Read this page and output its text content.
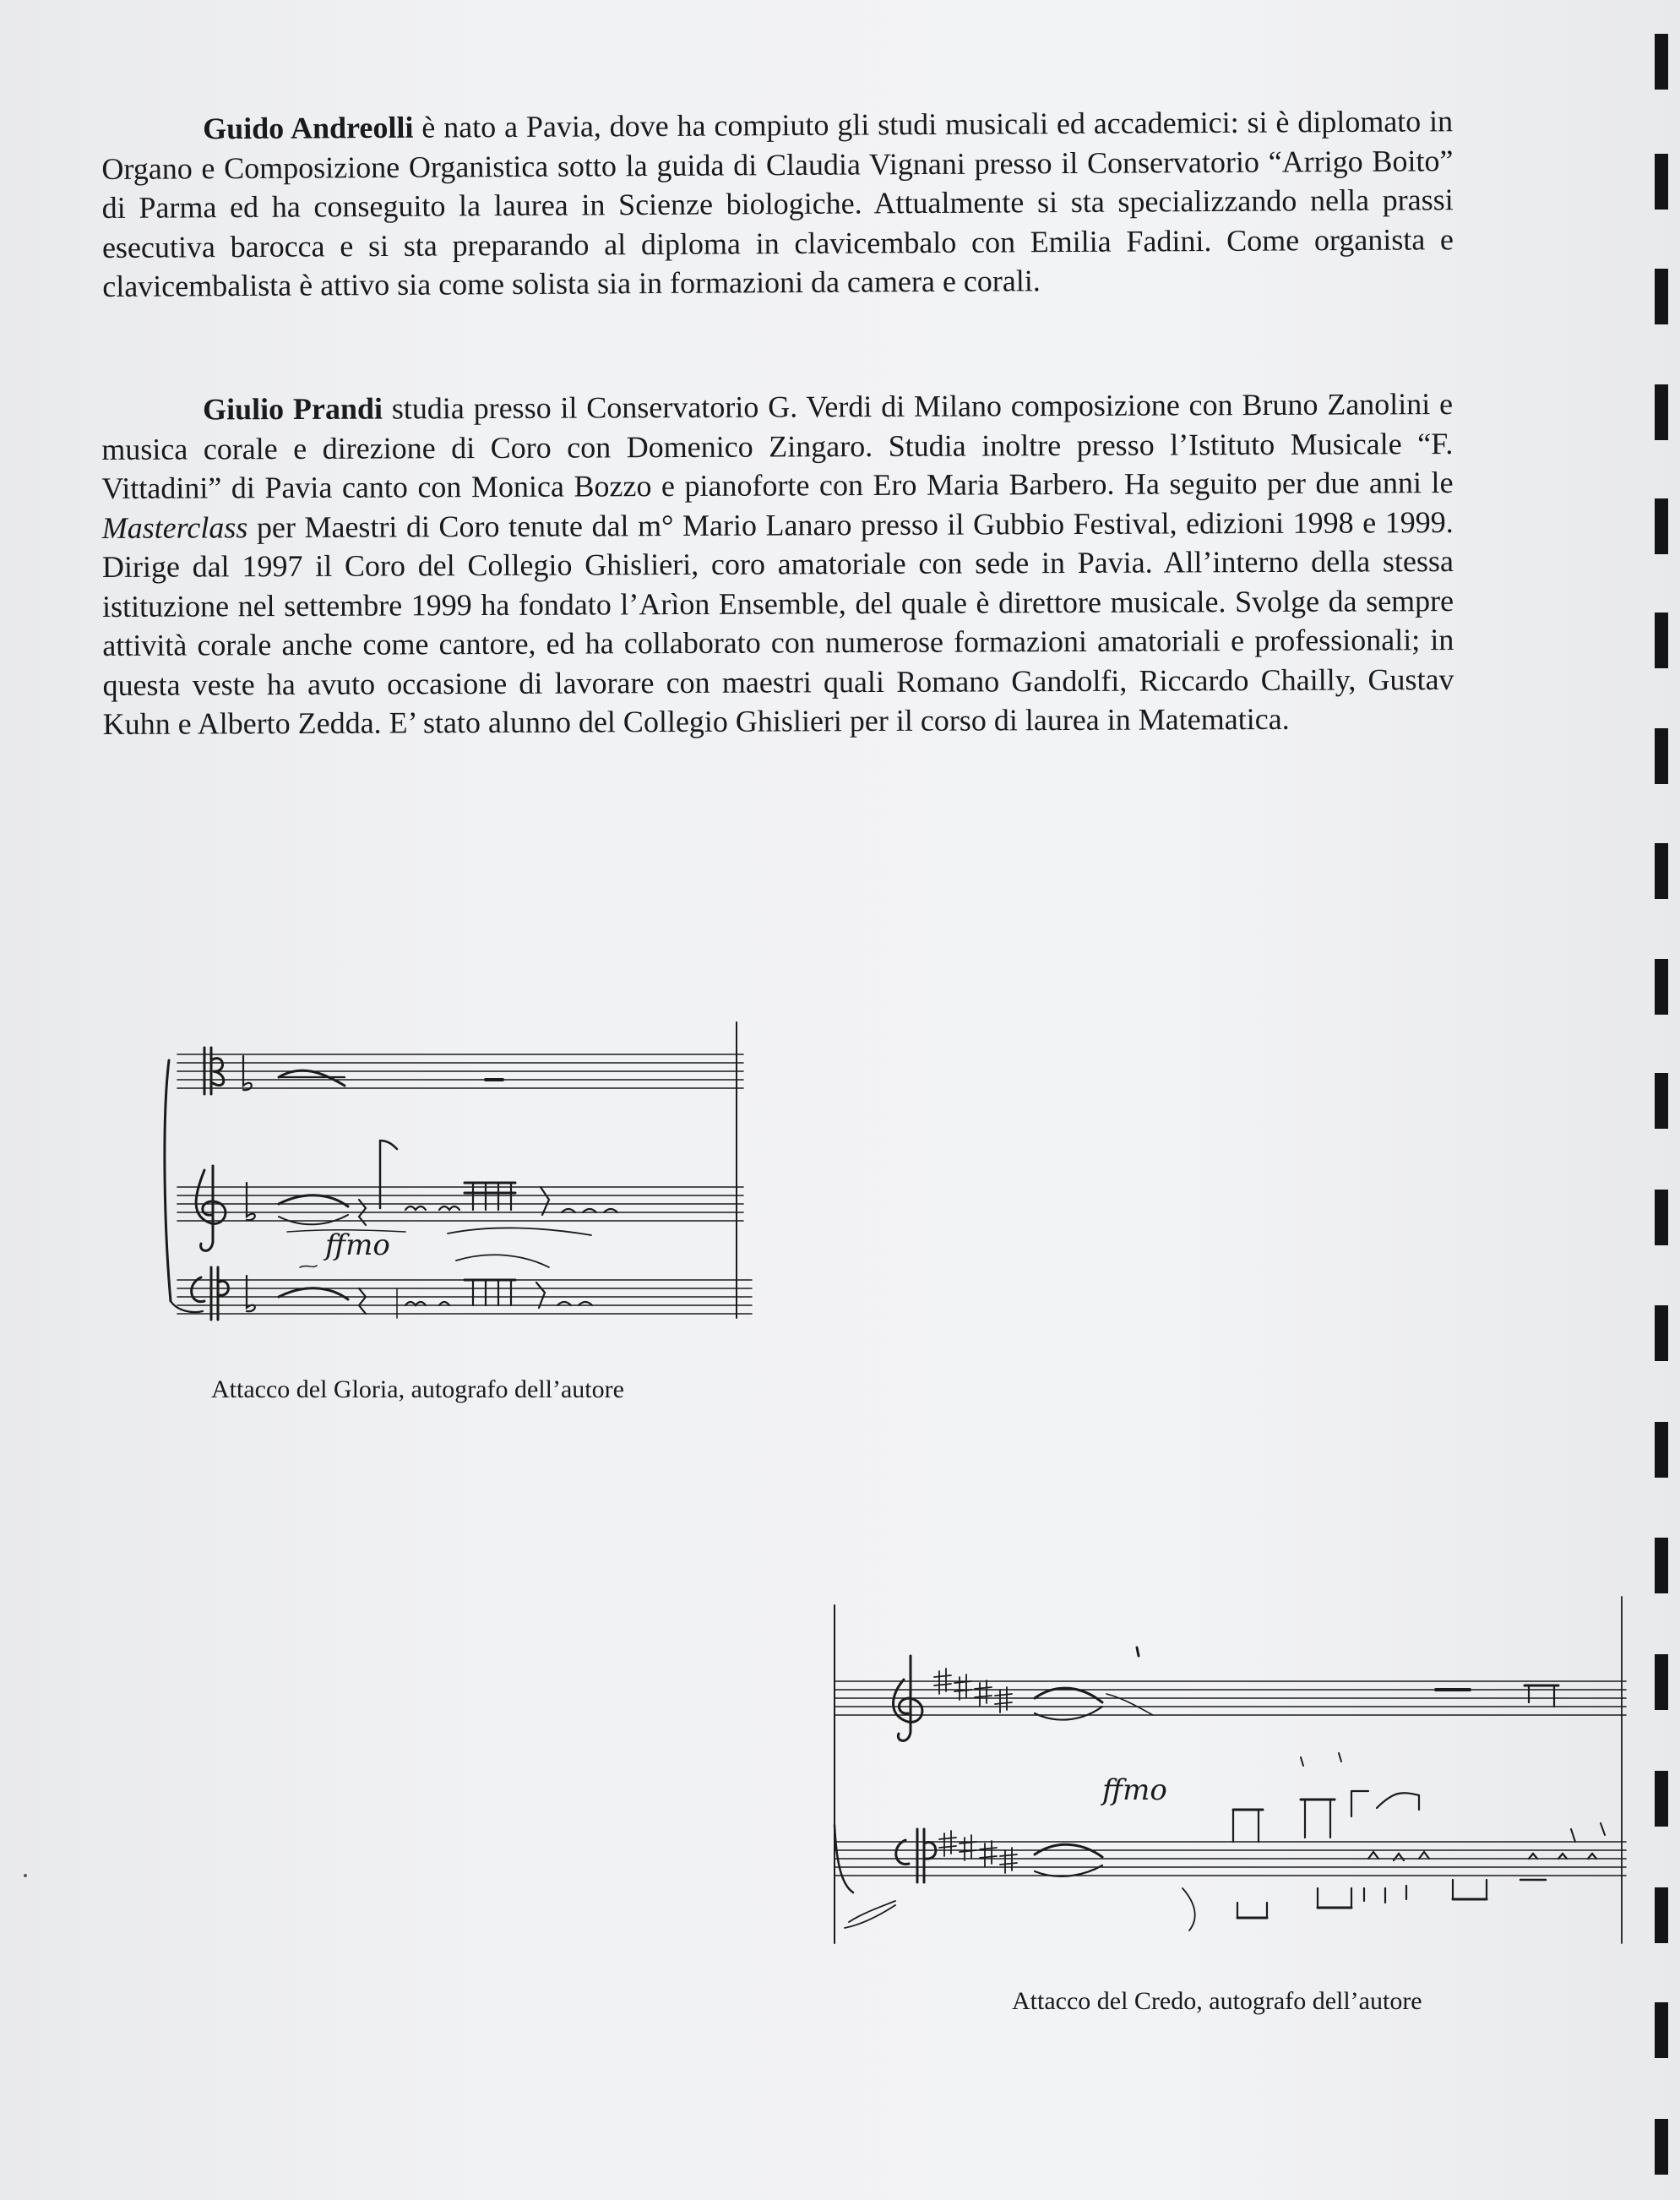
Guido Andreolli è nato a Pavia, dove ha compiuto gli studi musicali ed accademici: si è diplomato in Organo e Composizione Organistica sotto la guida di Claudia Vignani presso il Conservatorio “Arrigo Boito” di Parma ed ha conseguito la laurea in Scienze biologiche. Attualmente si sta specializzando nella prassi esecutiva barocca e si sta preparando al diploma in clavicembalo con Emilia Fadini. Come organista e clavicembalista è attivo sia come solista sia in formazioni da camera e corali.

Giulio Prandi studia presso il Conservatorio G. Verdi di Milano composizione con Bruno Zanolini e musica corale e direzione di Coro con Domenico Zingaro. Studia inoltre presso l’Istituto Musicale “F. Vittadini” di Pavia canto con Monica Bozzo e pianoforte con Ero Maria Barbero. Ha seguito per due anni le Masterclass per Maestri di Coro tenute dal m° Mario Lanaro presso il Gubbio Festival, edizioni 1998 e 1999. Dirige dal 1997 il Coro del Collegio Ghislieri, coro amatoriale con sede in Pavia. All’interno della stessa istituzione nel settembre 1999 ha fondato l’Arìon Ensemble, del quale è direttore musicale. Svolge da sempre attività corale anche come cantore, ed ha collaborato con numerose formazioni amatoriali e professionali; in questa veste ha avuto occasione di lavorare con maestri quali Romano Gandolfi, Riccardo Chailly, Gustav Kuhn e Alberto Zedda. E’ stato alunno del Collegio Ghislieri per il corso di laurea in Matematica.

ffmo
Attacco del Gloria, autografo dell’autore
ffmo
Attacco del Credo, autografo dell’autore
